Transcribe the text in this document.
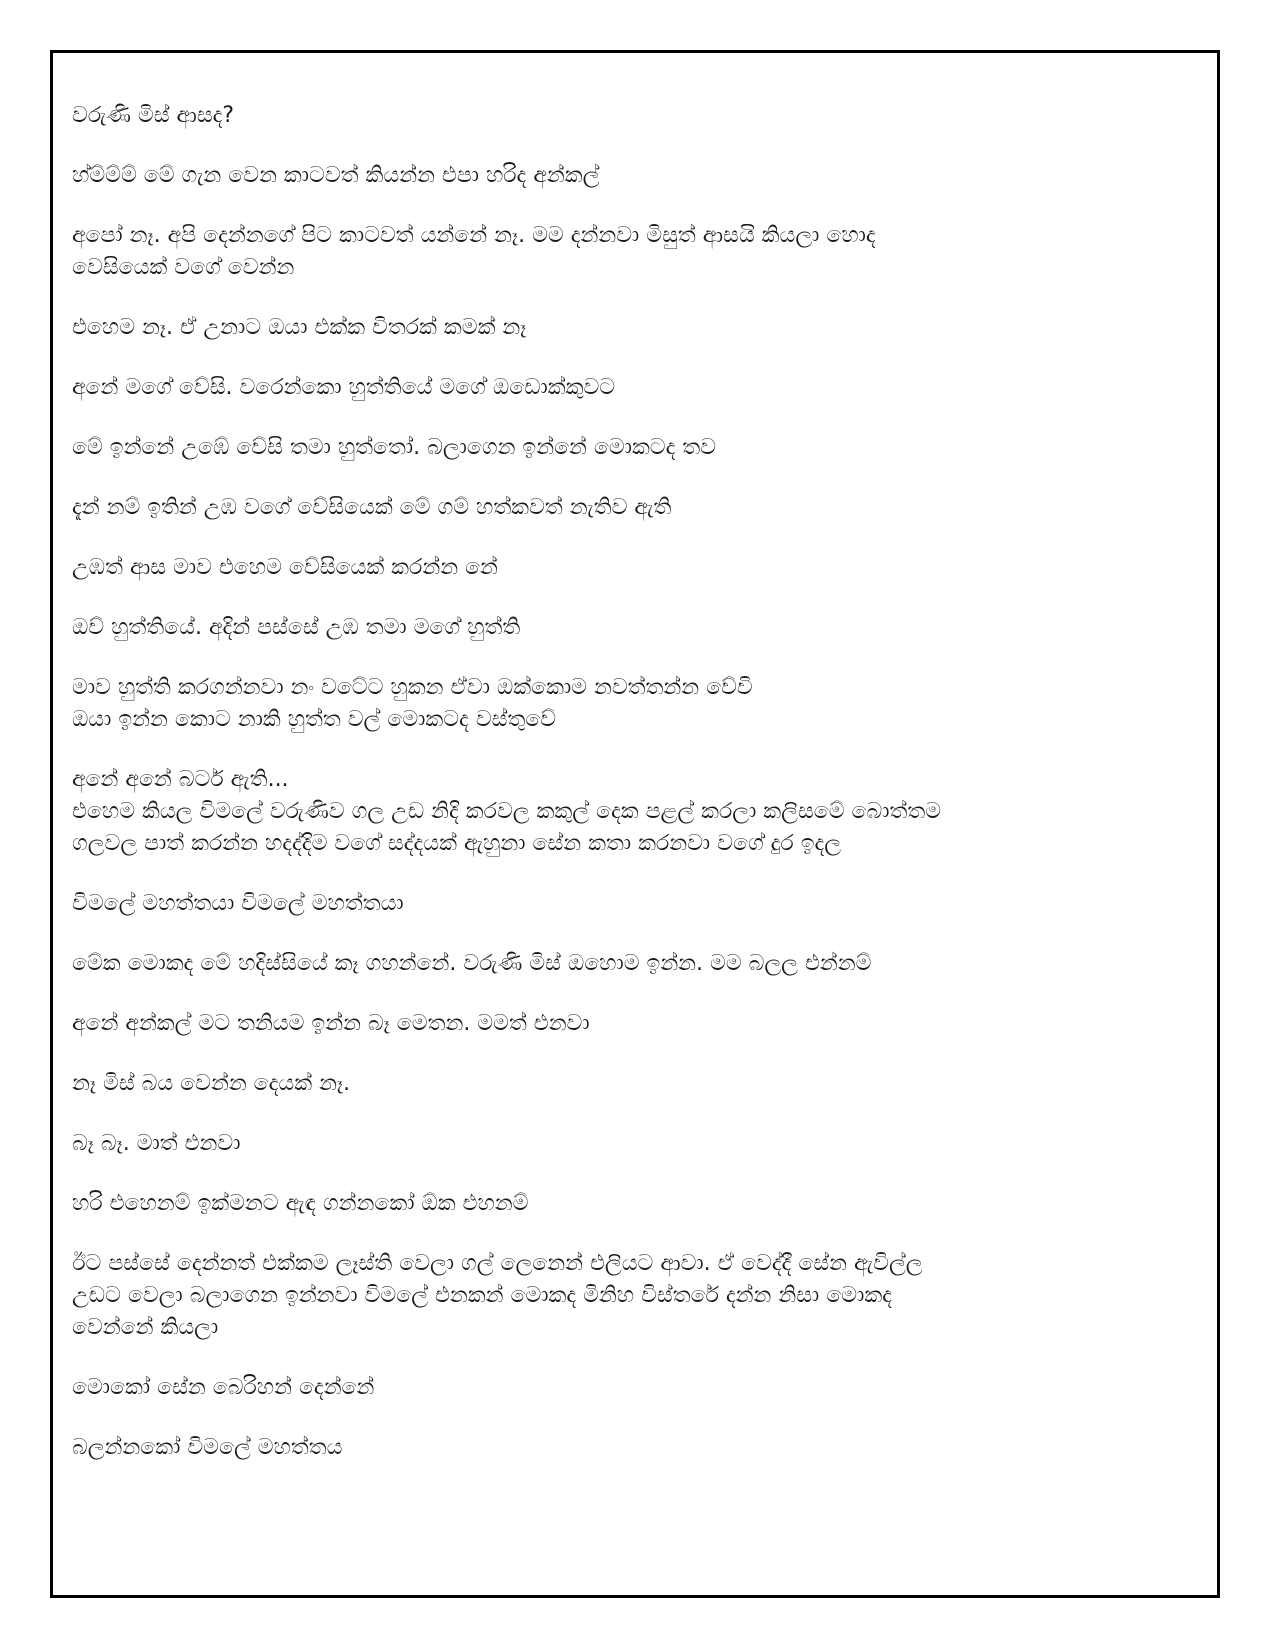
වරුණි මිස් ආසද?

හ්ම්ම්ම් මේ ගැන වෙන කාටවත් කියන්න එපා හරිද අන්කල්

අපෝ නෑ. අපි දෙන්නගේ පිට කාටවත් යන්නේ නෑ. මම දන්නවා මිසුත් ආසයි කියලා හොද
වෙසියෙක් වගේ වෙන්න

එහෙම නෑ. ඒ උනාට ඔයා එක්ක විතරක් කමක් නෑ

අනේ මගේ වේසි. වරෙන්කො හුත්තියේ මගේ ඔඩොක්කුවට

මේ ඉන්නේ උඹේ වේසි තමා හුත්තෝ. බලාගෙන ඉන්නේ මොකටද තව

දැන් නම් ඉතින් උඹ වගේ වේසියෙක් මේ ගම් හත්කවත් නැතිව ඇති

උඹත් ආස මාව එහෙම වේසියෙක් කරන්න නේ

ඔව් හුත්තියේ. අදින් පස්සේ උඹ තමා මගේ හුත්ති

මාව හුත්ති කරගන්නවා නං වටේට හුකන ඒවා ඔක්කොම නවත්තන්න වේවි
ඔයා ඉන්න කොට නාකි හුත්ත වල් මොකටද වස්තුවේ

අනේ අනේ බටර් ඇති...
එහෙම කියල විමලේ වරුණිව ගල උඩ නිදි කරවල කකුල් දෙක පළල් කරලා කලිසමේ බොත්තම
ගලවල පාත් කරන්න හදද්දිම වගේ සද්දයක් ඇහුනා සේන කතා කරනවා වගේ දුර ඉදල

විමලේ මහත්තයා විමලේ මහත්තයා

මේක මොකද මේ හදිස්සියේ කෑ ගහන්නේ. වරුණි මිස් ඔහොම ඉන්න. මම බලල එන්නම්

අනේ අන්කල් මට තනියම ඉන්න බෑ මෙතන. මමත් එනවා

නෑ මිස් බය වෙන්න දෙයක් නෑ.

බෑ බෑ. මාත් එනවා

හරි එහෙනම් ඉක්මනට ඇඳ ගන්නකෝ ඕක එහනම්

ඊට පස්සේ දෙන්නත් එක්කම ලෑස්ති වෙලා ගල් ලෙනෙන් එලියට ආවා. ඒ වෙද්දී සේන ඇවිල්ල
උඩට වෙලා බලාගෙන ඉන්නවා විමලේ එනකන් මොකද මිනිහ විස්තරේ දන්න නිසා මොකද
වෙන්නේ කියලා

මොකෝ සේන බෙරිහන් දෙන්නේ

බලන්නකෝ විමලේ මහත්තය
